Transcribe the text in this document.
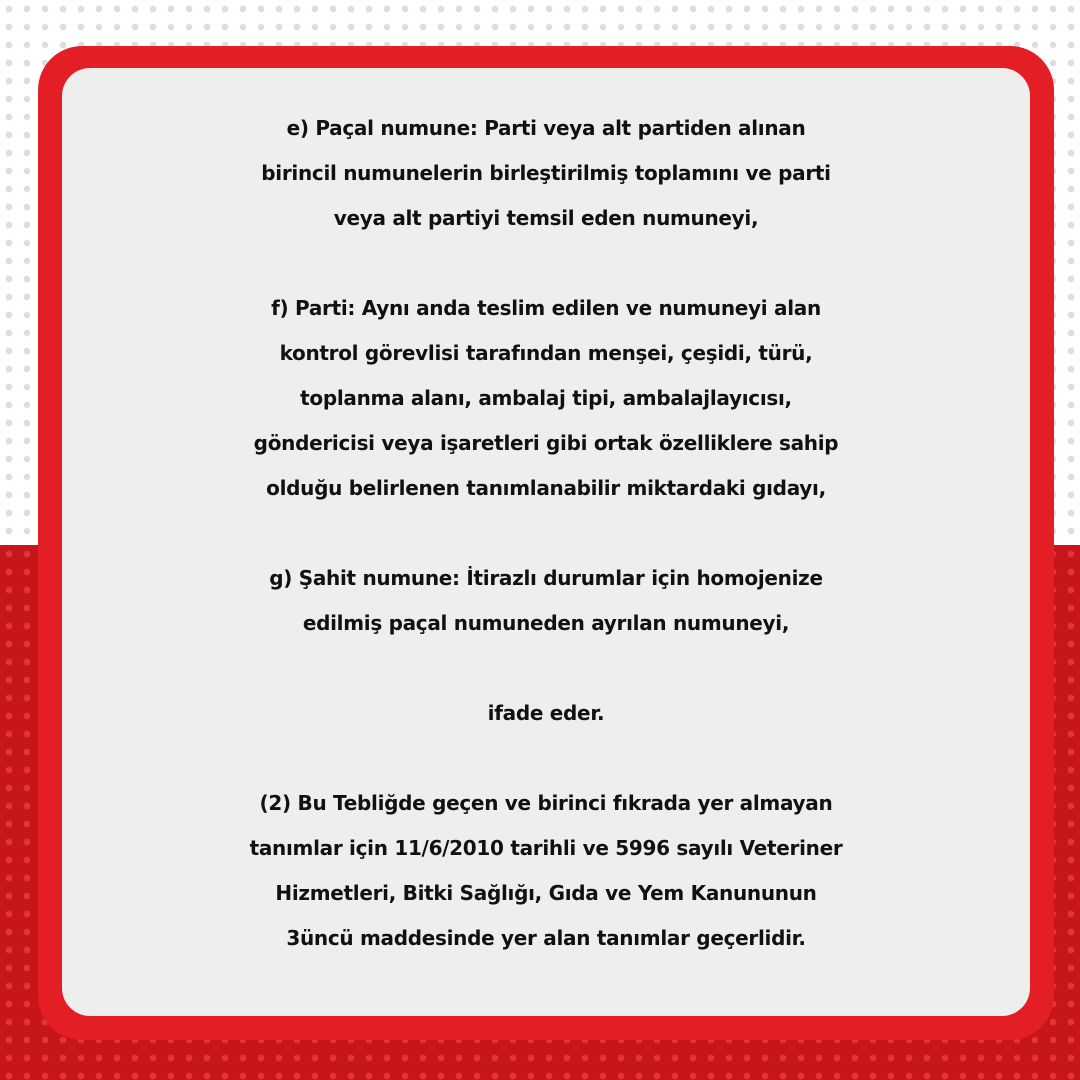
e) Paçal numune: Parti veya alt partiden alınan
birincil numunelerin birleştirilmiş toplamını ve parti
veya alt partiyi temsil eden numuneyi,

f) Parti: Aynı anda teslim edilen ve numuneyi alan
kontrol görevlisi tarafından menşei, çeşidi, türü,
toplanma alanı, ambalaj tipi, ambalajlayıcısı,
göndericisi veya işaretleri gibi ortak özelliklere sahip
olduğu belirlenen tanımlanabilir miktardaki gıdayı,

g) Şahit numune: İtirazlı durumlar için homojenize
edilmiş paçal numuneden ayrılan numuneyi,

ifade eder.

(2) Bu Tebliğde geçen ve birinci fıkrada yer almayan
tanımlar için 11/6/2010 tarihli ve 5996 sayılı Veteriner
Hizmetleri, Bitki Sağlığı, Gıda ve Yem Kanununun
3üncü maddesinde yer alan tanımlar geçerlidir.
